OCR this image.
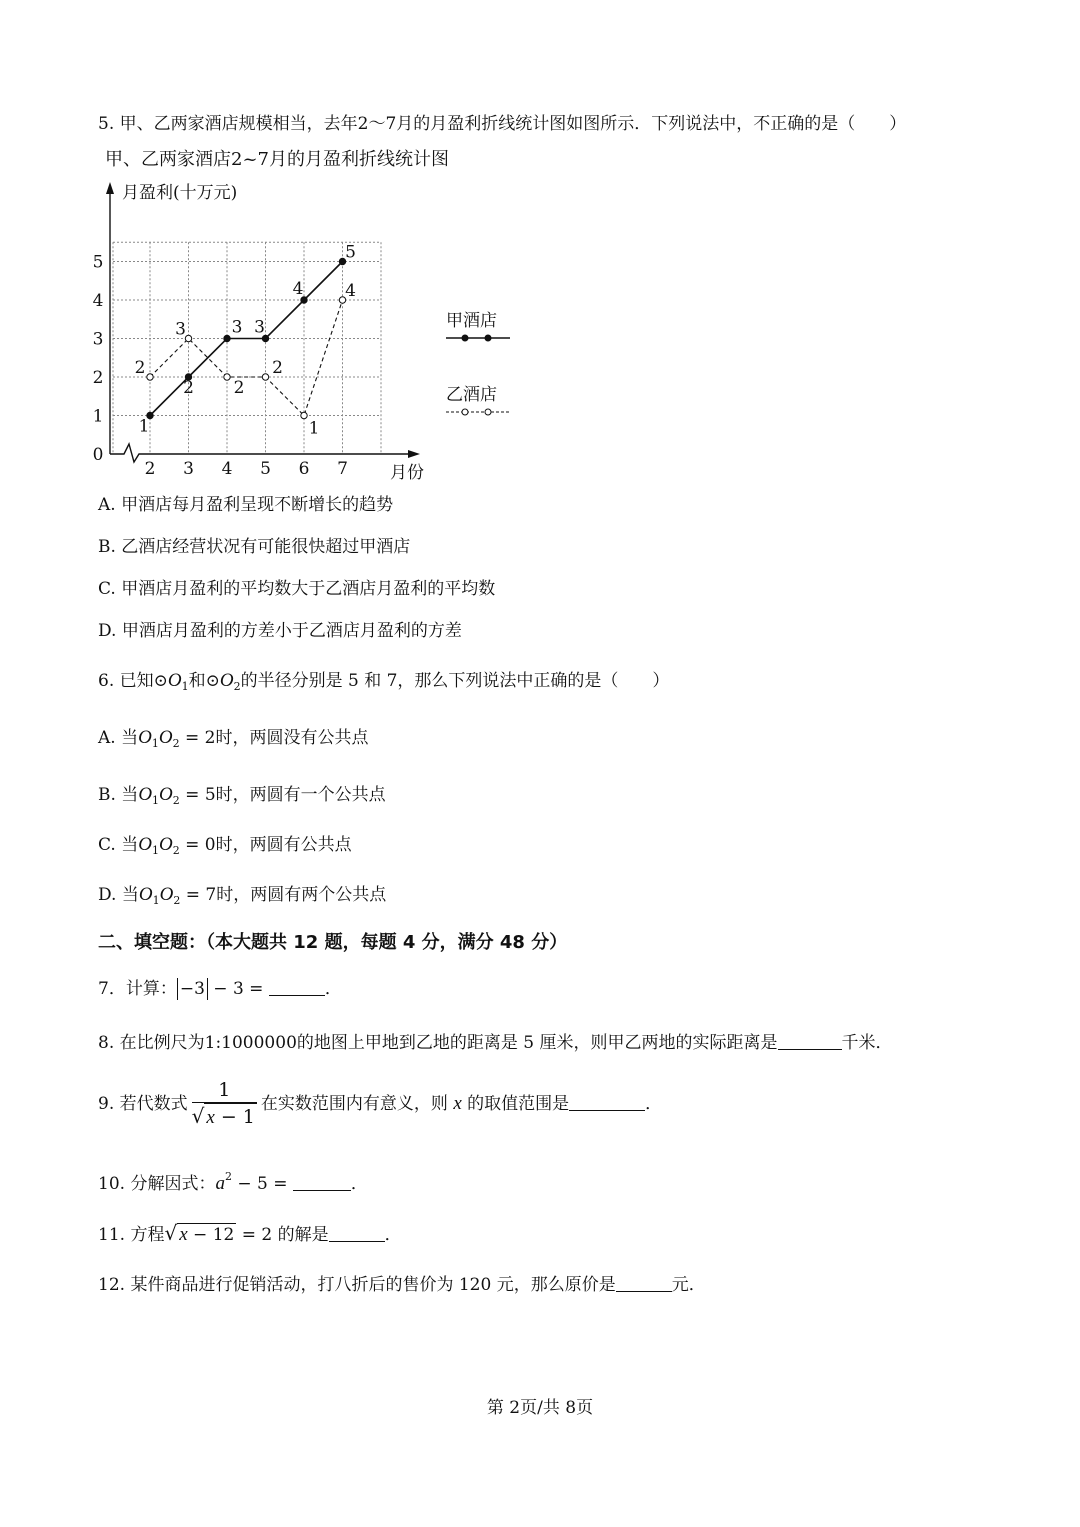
5. 甲、乙两家酒店规模相当，去年2～7月的月盈利折线统计图如图所示．下列说法中，不正确的是（　　）
月盈利(十万元)
月份
0
1
2
3
4
5
2 3 4 5 6 7
1
2
3 3
4
5
2
3
2
2
1
4
甲酒店
乙酒店
A. 甲酒店每月盈利呈现不断增长的趋势
B. 乙酒店经营状况有可能很快超过甲酒店
C. 甲酒店月盈利的平均数大于乙酒店月盈利的平均数
D. 甲酒店月盈利的方差小于乙酒店月盈利的方差
6. 已知$⊙O_1$和$⊙O_2$的半径分别是 5 和 7，那么下列说法中正确的是（　　）
A. 当$O_1O_2 = 2$时，两圆没有公共点
B. 当$O_1O_2 = 5$时，两圆有一个公共点
C. 当$O_1O_2 = 0$时，两圆有公共点
D. 当$O_1O_2 = 7$时，两圆有两个公共点
二、填空题：（本大题共 12 题，每题 4 分，满分 48 分）
7．计算： −3 − 3 =	．
8. 在比例尺为1:1000000的地图上甲地到乙地的距离是 5 厘米，则甲乙两地的实际距离是	千米．
9. 若代数式 $\frac{1}{√ x - 1}$ 在实数范围内有意义，则 x 的取值范围是	．
10. 分解因式：$a^2 - 5$ =	．
11. 方程√ x − 12 = 2 的解是	．
12. 某件商品进行促销活动，打八折后的售价为 120 元，那么原价是	元．
第 2页/共 8页
甲、乙两家酒店2~7月的月盈利折线统计图
